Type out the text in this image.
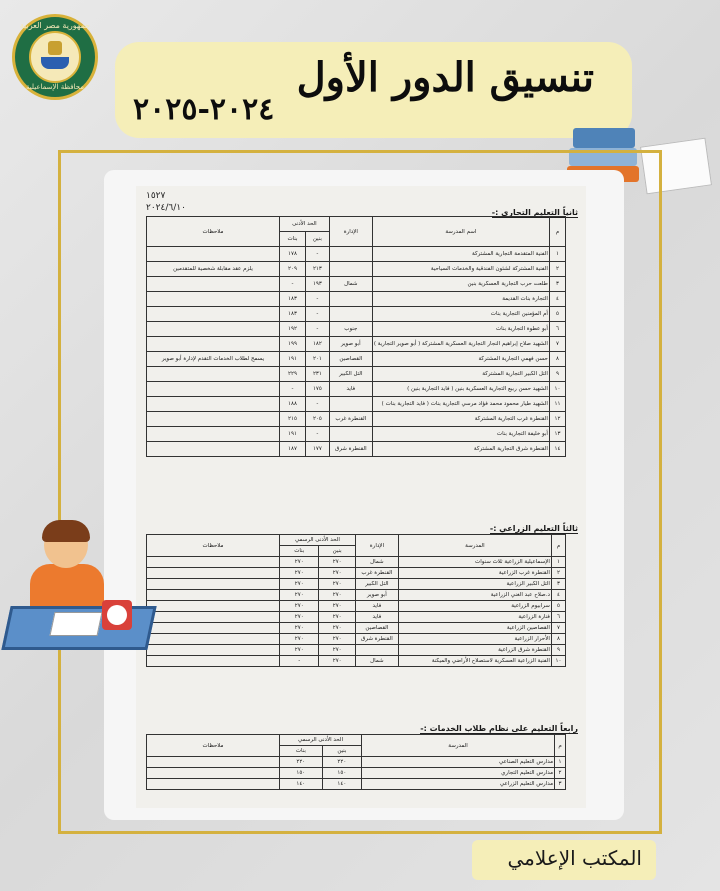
جمهورية مصر العربية
محافظة الإسماعيلية	تنسيق الدور الأول
٢٠٢٤-٢٠٢٥
١٥٢٧
٢٠٢٤/٦/١٠	ثانياً التعليم التجاري :-
م	اسم المدرسة	الإدارة	الحد الأدنى		ملاحظات
			بنين	بنات	
١	الفنية المتقدمة التجارية المشتركة		-	١٧٨	
٢	الفنية المشتركة لشئون الفندقية والخدمات السياحية		٢١٣	٢٠٩	يلزم عقد مقابلة شخصية للمتقدمين
٣	طلعت حرب التجارية العسكرية بنين	شمال	١٩٣	-	
٤	التجارة بنات القديمة		-	١٨٣	
٥	أم المؤمنين التجارية بنات		-	١٨٣	
٦	أبو عطوة التجارية بنات	جنوب	-	١٩٢	
٧	الشهيد صلاح إبراهيم النجار التجارية العسكرية المشتركة ( أبو صوير التجارية )	أبو صوير	١٨٢	١٩٩	
٨	حسن فهمي التجارية المشتركة	القصاصين	٢٠١	١٩١	يسمح لطلاب الخدمات التقدم لإدارة أبو صوير
٩	التل الكبير التجارية المشتركة	التل الكبير	٢٣١	٢٢٩	
١٠	الشهيد حسن ربيع التجارية العسكرية بنين ( فايد التجارية بنين )	فايد	١٧٥	-	
١١	الشهيد طيار محمود محمد فؤاد مرسي التجارية بنات ( فايد التجارية بنات )		-	١٨٨	
١٢	القنطرة غرب التجارية المشتركة	القنطرة غرب	٢٠٥	٢١٥	
١٣	أبو خليفة التجارية بنات		-	١٩١	
١٤	القنطرة شرق التجارية المشتركة	القنطرة شرق	١٧٧	١٨٧	
ثالثاً التعليم الزراعي :-
م	المدرسة	الإدارة	الحد الأدنى الرسمي		ملاحظات
			بنين	بنات	
١	الإسماعيلية الزراعية ثلاث سنوات	شمال	٢٧٠	٢٧٠	
٢	القنطرة غرب الزراعية	القنطرة غرب	٢٧٠	٢٧٠	
٣	التل الكبير الزراعية	التل الكبير	٢٧٠	٢٧٠	
٤	د.صلاح عبد الغني الزراعية	أبو صوير	٢٧٠	٢٧٠	
٥	سرابيوم الزراعية	فايد	٢٧٠	٢٧٠	
٦	فنارة الزراعية	فايد	٢٧٠	٢٧٠	
٧	القصاصين الزراعية	القصاصين	٢٧٠	٢٧٠	
٨	الأحرار الزراعية	القنطرة شرق	٢٧٠	٢٧٠	
٩	القنطرة شرق الزراعية		٢٧٠	٢٧٠	
١٠	الفنية الزراعية العسكرية لاستصلاح الأراضي والميكنة	شمال	٢٧٠	-	
رابعاً التعليم على نظام طلاب الخدمات :-
م	المدرسة	الحد الأدنى الرسمي		ملاحظات
		بنين	بنات	
١	مدارس التعليم الصناعي	٢٢٠	٢٢٠	
٢	مدارس التعليم التجاري	١٥٠	١٥٠	
٣	مدارس التعليم الزراعي	١٤٠	١٤٠	
المكتب الإعلامي
